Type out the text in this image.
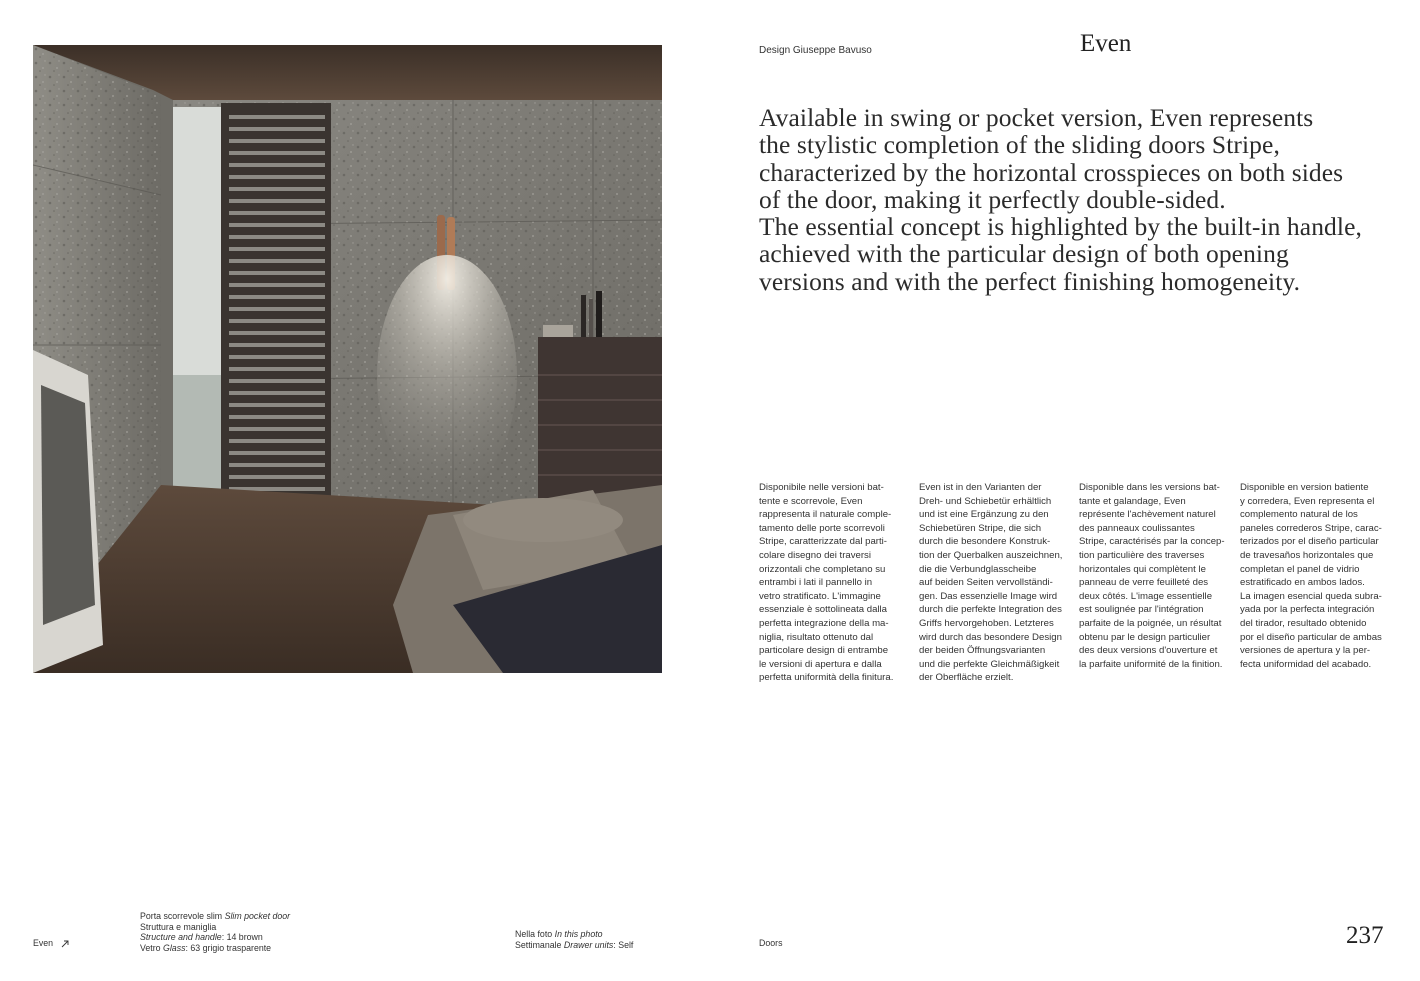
Design Giuseppe Bavuso	Even

Available in swing or pocket version, Even represents

the stylistic completion of the sliding doors Stripe,

characterized by the horizontal crosspieces on both sides

of the door, making it perfectly double-sided.

The essential concept is highlighted by the built-in handle,

achieved with the particular design of both opening

versions and with the perfect finishing homogeneity.

Disponibile nelle versioni bat-

tente e scorrevole, Even

rappresenta il naturale comple-

tamento delle porte scorrevoli

Stripe, caratterizzate dal parti-

colare disegno dei traversi

orizzontali che completano su

entrambi i lati il pannello in

vetro stratificato. L'immagine

essenziale è sottolineata dalla

perfetta integrazione della ma-

niglia, risultato ottenuto dal

particolare design di entrambe

le versioni di apertura e dalla

perfetta uniformità della finitura.

Even ist in den Varianten der

Dreh- und Schiebetür erhältlich

und ist eine Ergänzung zu den

Schiebetüren Stripe, die sich

durch die besondere Konstruk-

tion der Querbalken auszeichnen,

die die Verbundglasscheibe

auf beiden Seiten vervollständi-

gen. Das essenzielle Image wird

durch die perfekte Integration des

Griffs hervorgehoben. Letzteres

wird durch das besondere Design

der beiden Öffnungsvarianten

und die perfekte Gleichmäßigkeit

der Oberfläche erzielt.

Disponible dans les versions bat-

tante et galandage, Even

représente l'achèvement naturel

des panneaux coulissantes

Stripe, caractérisés par la concep-

tion particulière des traverses

horizontales qui complètent le

panneau de verre feuilleté des

deux côtés. L'image essentielle

est soulignée par l'intégration

parfaite de la poignée, un résultat

obtenu par le design particulier

des deux versions d'ouverture et

la parfaite uniformité de la finition.

Disponible en version batiente

y corredera, Even representa el

complemento natural de los

paneles correderos Stripe, carac-

terizados por el diseño particular

de travesaños horizontales que

completan el panel de vidrio

estratificado en ambos lados.

La imagen esencial queda subra-

yada por la perfecta integración

del tirador, resultado obtenido

por el diseño particular de ambas

versiones de apertura y la per-

fecta uniformidad del acabado.

Even
Porta scorrevole slim Slim pocket door
Struttura e maniglia
Structure and handle: 14 brown
Vetro Glass: 63 grigio trasparente
Nella foto In this photo
Settimanale Drawer units: Self	Doors	237
